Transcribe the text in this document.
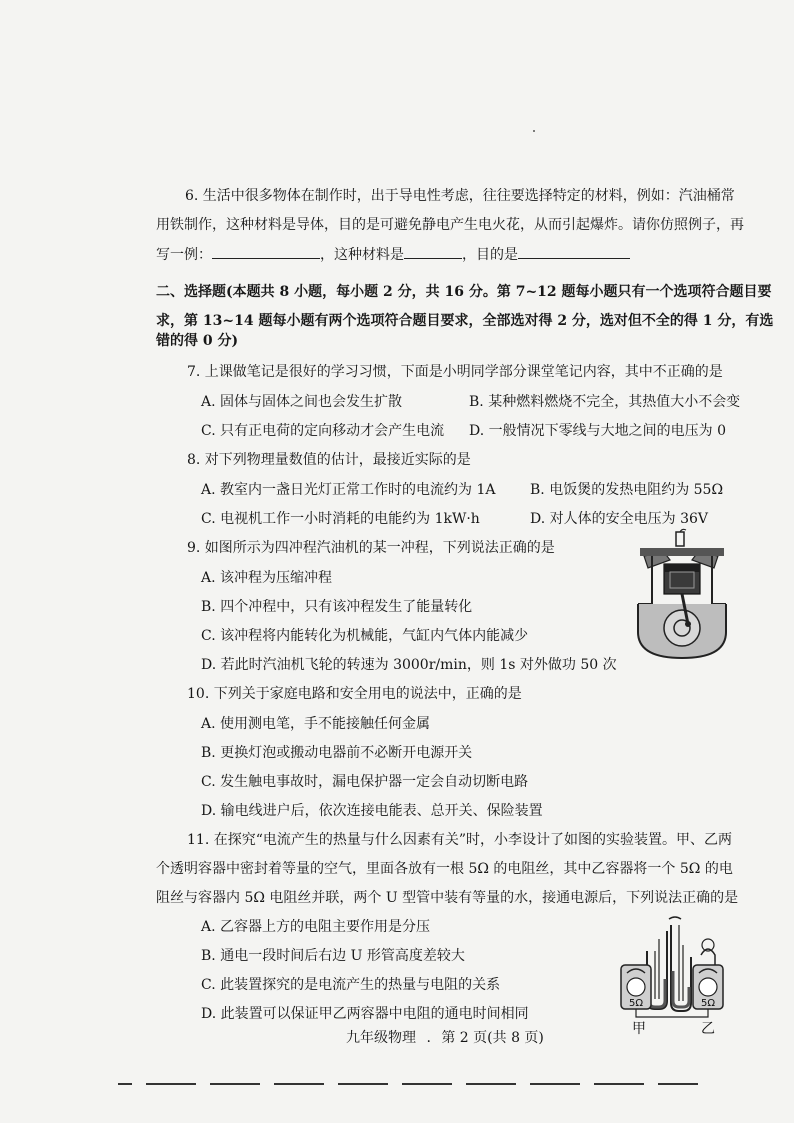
6. 生活中很多物体在制作时，出于导电性考虑，往往要选择特定的材料，例如：汽油桶常
用铁制作，这种材料是导体，目的是可避免静电产生电火花，从而引起爆炸。请你仿照例子，再
写一例：	，这种材料是	，目的是
二、选择题(本题共 8 小题，每小题 2 分，共 16 分。第 7~12 题每小题只有一个选项符合题目要
求，第 13~14 题每小题有两个选项符合题目要求，全部选对得 2 分，选对但不全的得 1 分，有选
错的得 0 分)
7. 上课做笔记是很好的学习习惯，下面是小明同学部分课堂笔记内容，其中不正确的是
A. 固体与固体之间也会发生扩散	B. 某种燃料燃烧不完全，其热值大小不会变
C. 只有正电荷的定向移动才会产生电流 D. 一般情况下零线与大地之间的电压为 0
8. 对下列物理量数值的估计，最接近实际的是
A. 教室内一盏日光灯正常工作时的电流约为 1A B. 电饭煲的发热电阻约为 55Ω
C. 电视机工作一小时消耗的电能约为 1kW·h	D. 对人体的安全电压为 36V
9. 如图所示为四冲程汽油机的某一冲程，下列说法正确的是
A. 该冲程为压缩冲程
B. 四个冲程中，只有该冲程发生了能量转化
C. 该冲程将内能转化为机械能，气缸内气体内能减少
D. 若此时汽油机飞轮的转速为 3000r/min，则 1s 对外做功 50 次
10. 下列关于家庭电路和安全用电的说法中，正确的是
A. 使用测电笔，手不能接触任何金属
B. 更换灯泡或搬动电器前不必断开电源开关
C. 发生触电事故时，漏电保护器一定会自动切断电路
D. 输电线进户后，依次连接电能表、总开关、保险装置
11. 在探究“电流产生的热量与什么因素有关”时，小李设计了如图的实验装置。甲、乙两
个透明容器中密封着等量的空气，里面各放有一根 5Ω 的电阻丝，其中乙容器将一个 5Ω 的电
阻丝与容器内 5Ω 电阻丝并联，两个 U 型管中装有等量的水，接通电源后，下列说法正确的是
A. 乙容器上方的电阻主要作用是分压
B. 通电一段时间后右边 U 形管高度差较大
C. 此装置探究的是电流产生的热量与电阻的关系
D. 此装置可以保证甲乙两容器中电阻的通电时间相同
5Ω	5Ω
甲	乙
九年级物理 . 第 2 页(共 8 页)
